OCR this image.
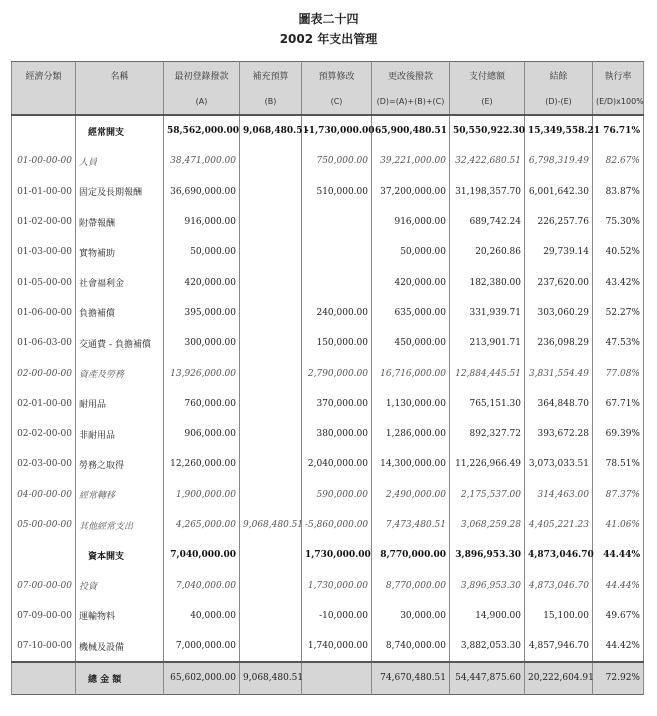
圖表二十四
2002 年支出管理
經濟分類	名稱	最初登錄撥款	補充預算	預算修改	更改後撥款	支付總額	結餘	執行率
		(A)	(B)	(C)	(D)=(A)+(B)+(C)	(E)	(D)-(E)	(E/D)x100%
	經常開支	58,562,000.00	9,068,480.51	-1,730,000.00	65,900,480.51	50,550,922.30	15,349,558.21	76.71%
01-00-00-00	人員	38,471,000.00		750,000.00	39,221,000.00	32,422,680.51	6,798,319.49	82.67%
01-01-00-00	固定及長期報酬	36,690,000.00		510,000.00	37,200,000.00	31,198,357.70	6,001,642.30	83.87%
01-02-00-00	附帶報酬	916,000.00			916,000.00	689,742.24	226,257.76	75.30%
01-03-00-00	實物補助	50,000.00			50,000.00	20,260.86	29,739.14	40.52%
01-05-00-00	社會福利金	420,000.00			420,000.00	182,380.00	237,620.00	43.42%
01-06-00-00	負擔補償	395,000.00		240,000.00	635,000.00	331,939.71	303,060.29	52.27%
01-06-03-00	交通費 - 負擔補償	300,000.00		150,000.00	450,000.00	213,901.71	236,098.29	47.53%
02-00-00-00	資產及勞務	13,926,000.00		2,790,000.00	16,716,000.00	12,884,445.51	3,831,554.49	77.08%
02-01-00-00	耐用品	760,000.00		370,000.00	1,130,000.00	765,151.30	364,848.70	67.71%
02-02-00-00	非耐用品	906,000.00		380,000.00	1,286,000.00	892,327.72	393,672.28	69.39%
02-03-00-00	勞務之取得	12,260,000.00		2,040,000.00	14,300,000.00	11,226,966.49	3,073,033.51	78.51%
04-00-00-00	經常轉移	1,900,000.00		590,000.00	2,490,000.00	2,175,537.00	314,463.00	87.37%
05-00-00-00	其他經常支出	4,265,000.00	9,068,480.51	-5,860,000.00	7,473,480.51	3,068,259.28	4,405,221.23	41.06%
	資本開支	7,040,000.00		1,730,000.00	8,770,000.00	3,896,953.30	4,873,046.70	44.44%
07-00-00-00	投資	7,040,000.00		1,730,000.00	8,770,000.00	3,896,953.30	4,873,046.70	44.44%
07-09-00-00	運輸物料	40,000.00		-10,000.00	30,000.00	14,900.00	15,100.00	49.67%
07-10-00-00	機械及設備	7,000,000.00		1,740,000.00	8,740,000.00	3,882,053.30	4,857,946.70	44.42%
	總 金 額	65,602,000.00	9,068,480.51		74,670,480.51	54,447,875.60	20,222,604.91	72.92%
